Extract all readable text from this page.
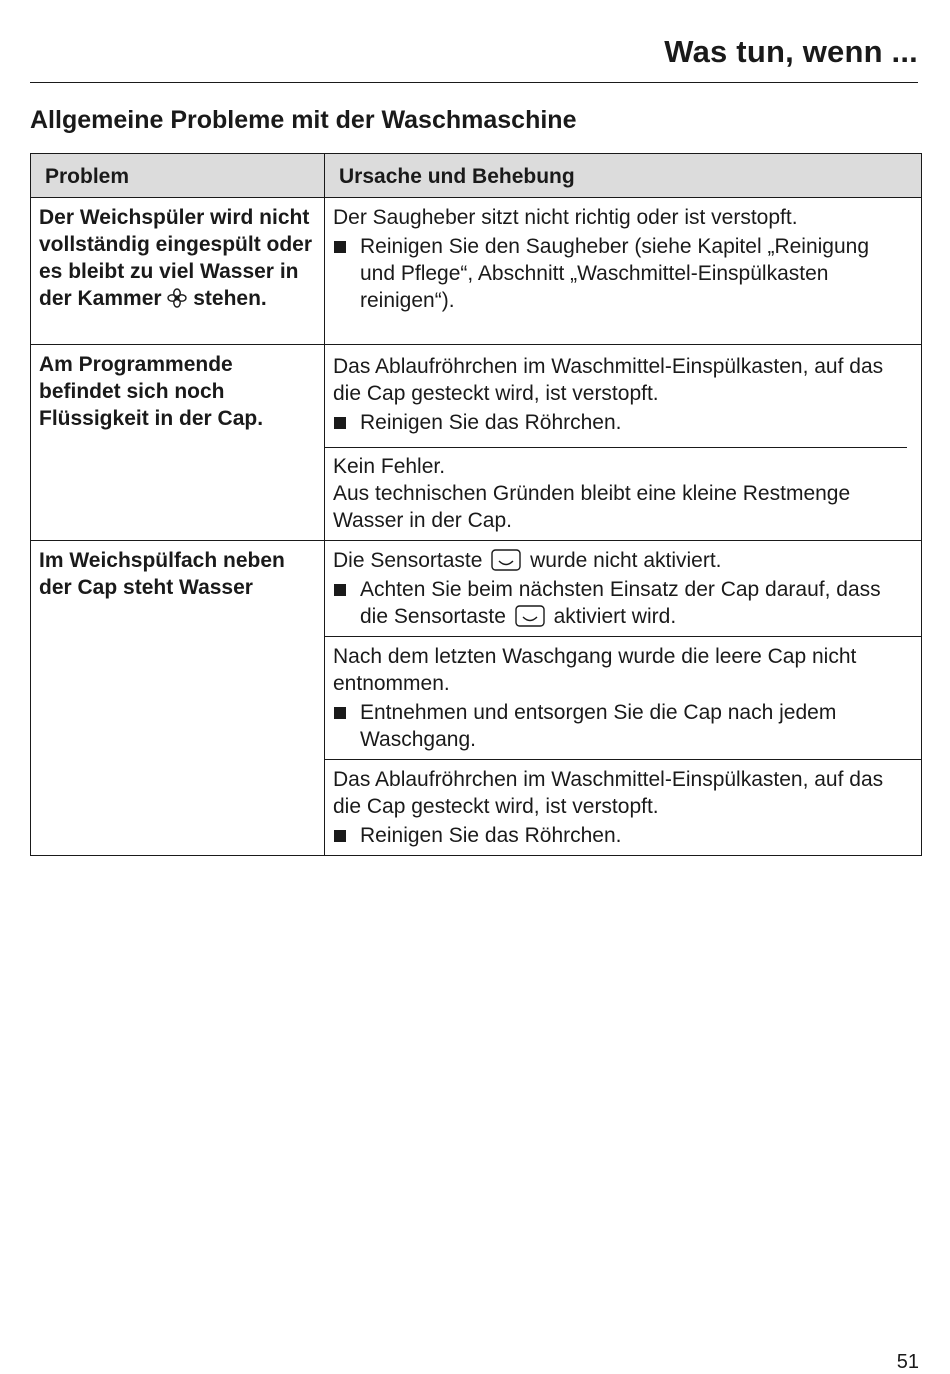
Was tun, wenn ...
Allgemeine Probleme mit der Waschmaschine
Problem	Ursache und Behebung
Der Weichspüler wird nicht vollständig eingespült oder es bleibt zu viel Wasser in der Kammer stehen.	Der Saugheber sitzt nicht richtig oder ist verstopft.
Reinigen Sie den Saugheber (siehe Kapitel „Reinigung und Pflege“, Abschnitt „Waschmittel-Einspülkasten reinigen“).

Am Programmende befindet sich noch Flüssigkeit in der Cap.	Das Ablaufröhrchen im Waschmittel-Einspülkasten, auf das die Cap gesteckt wird, ist verstopft.
Reinigen Sie das Röhrchen.

	Kein Fehler.
Aus technischen Gründen bleibt eine kleine Restmenge Wasser in der Cap.

Im Weichspülfach neben der Cap steht Wasser	Die Sensortaste wurde nicht aktiviert.
Achten Sie beim nächsten Einsatz der Cap darauf, dass die Sensortaste aktiviert wird.

	Nach dem letzten Waschgang wurde die leere Cap nicht entnommen.
Entnehmen und entsorgen Sie die Cap nach jedem Waschgang.

	Das Ablaufröhrchen im Waschmittel-Einspülkasten, auf das die Cap gesteckt wird, ist verstopft.
Reinigen Sie das Röhrchen.
51
